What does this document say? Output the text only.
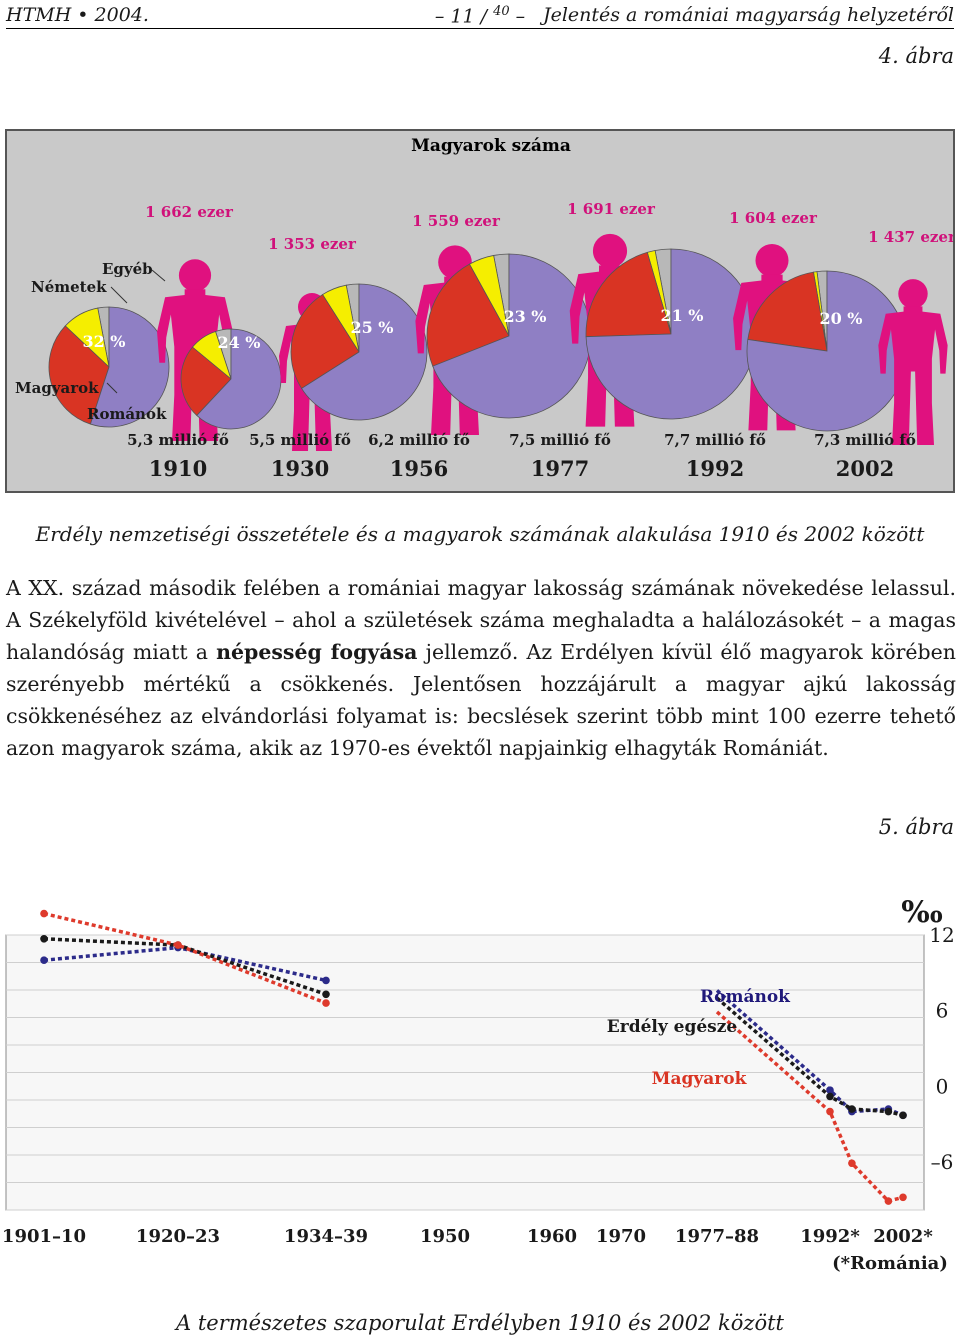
HTMH • 2004.	– 11 / $^{40}$ – Jelentés a romániai magyarság helyzetéről
4. ábra
Magyarok száma
32 %
1 662 ezer
5,3 millió fő
1910
24 %
1 353 ezer
5,5 millió fő
1930
25 %
1 559 ezer
6,2 millió fő
1956
23 %
1 691 ezer
7,5 millió fő
1977
21 %
1 604 ezer
7,7 millió fő
1992
20 %
1 437 ezer
7,3 millió fő
2002
Egyéb
Németek
Magyarok
Románok
Erdély nemzetiségi összetétele és a magyarok számának alakulása 1910 és 2002 között
A XX. század második felében a romániai magyar lakosság számának növekedése lelassul. A Székelyföld kivételével – ahol a születések száma meghaladta a halálozásokét – a magas halandóság miatt a népesség fogyása jellemző. Az Erdélyen kívül élő magyarok körében szerényebb mértékű a csökkenés. Jelentősen hozzájárult a magyar ajkú lakosság csökkenéséhez az elvándorlási folyamat is: becslések szerint több mint 100 ezerre tehető azon magyarok száma, akik az 1970-es évektől napjainkig elhagyták Romániát.
5. ábra
‰
12
6
0
–6
1901–10	1920–23	1934–39	1950	1960 1970 1977–88 1992* 2002*
(*Románia)
Románok
Erdély egésze
Magyarok
A természetes szaporulat Erdélyben 1910 és 2002 között
